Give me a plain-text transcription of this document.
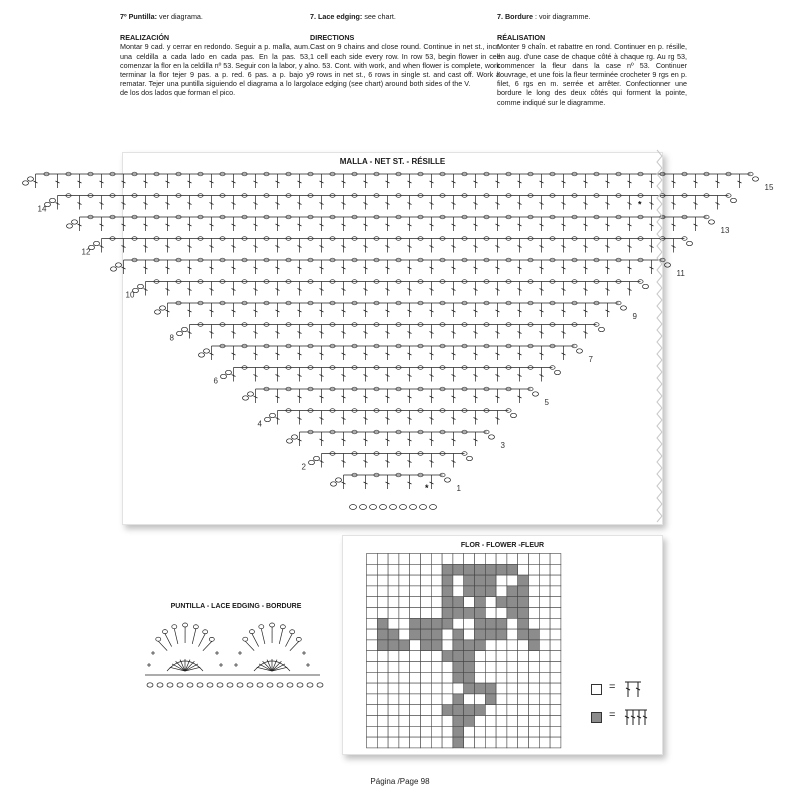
7º Puntilla: ver diagrama.
REALIZACIÓN
Montar 9 cad. y cerrar en redondo. Seguir a p. malla, aum. una celdilla a cada lado en cada pas. En la pas. 53, comenzar la flor en la celdilla nº 53. Seguir con la labor, y al terminar la flor tejer 9 pas. a p. red. 6 pas. a p. bajo y rematar. Tejer una puntilla siguiendo el diagrama a lo largo de los dos lados que forman el pico.
7. Lace edging: see chart.
DIRECTIONS
Cast on 9 chains and close round. Continue in net st., incr. 1 cell each side every row. In row 53, begin flower in cell no. 53. Cont. with work, and when flower is complete, work 9 rows in net st., 6 rows in single st. and cast off. Work a lace edging (see chart) around both sides of the V.
7. Bordure : voir diagramme.
RÉALISATION
Monter 9 chaîn. et rabattre en rond. Continuer en p. résille, en aug. d'une case de chaque côté à chaque rg. Au rg 53, commencer la fleur dans la case nº 53. Continuer l'ouvrage, et une fois la fleur terminée crocheter 9 rgs en p. filet, 6 rgs en m. serrée et arrêter. Confectionner une bordure le long des deux côtés qui forment la pointe, comme indiqué sur le diagramme.
MALLA - NET ST. - RÉSILLE
1
2
3
4
5
6
7
8
9
10
11
12
13
14
15
*
*
PUNTILLA - LACE EDGING - BORDURE
FLOR - FLOWER -FLEUR
=
=
Página /Page 98
